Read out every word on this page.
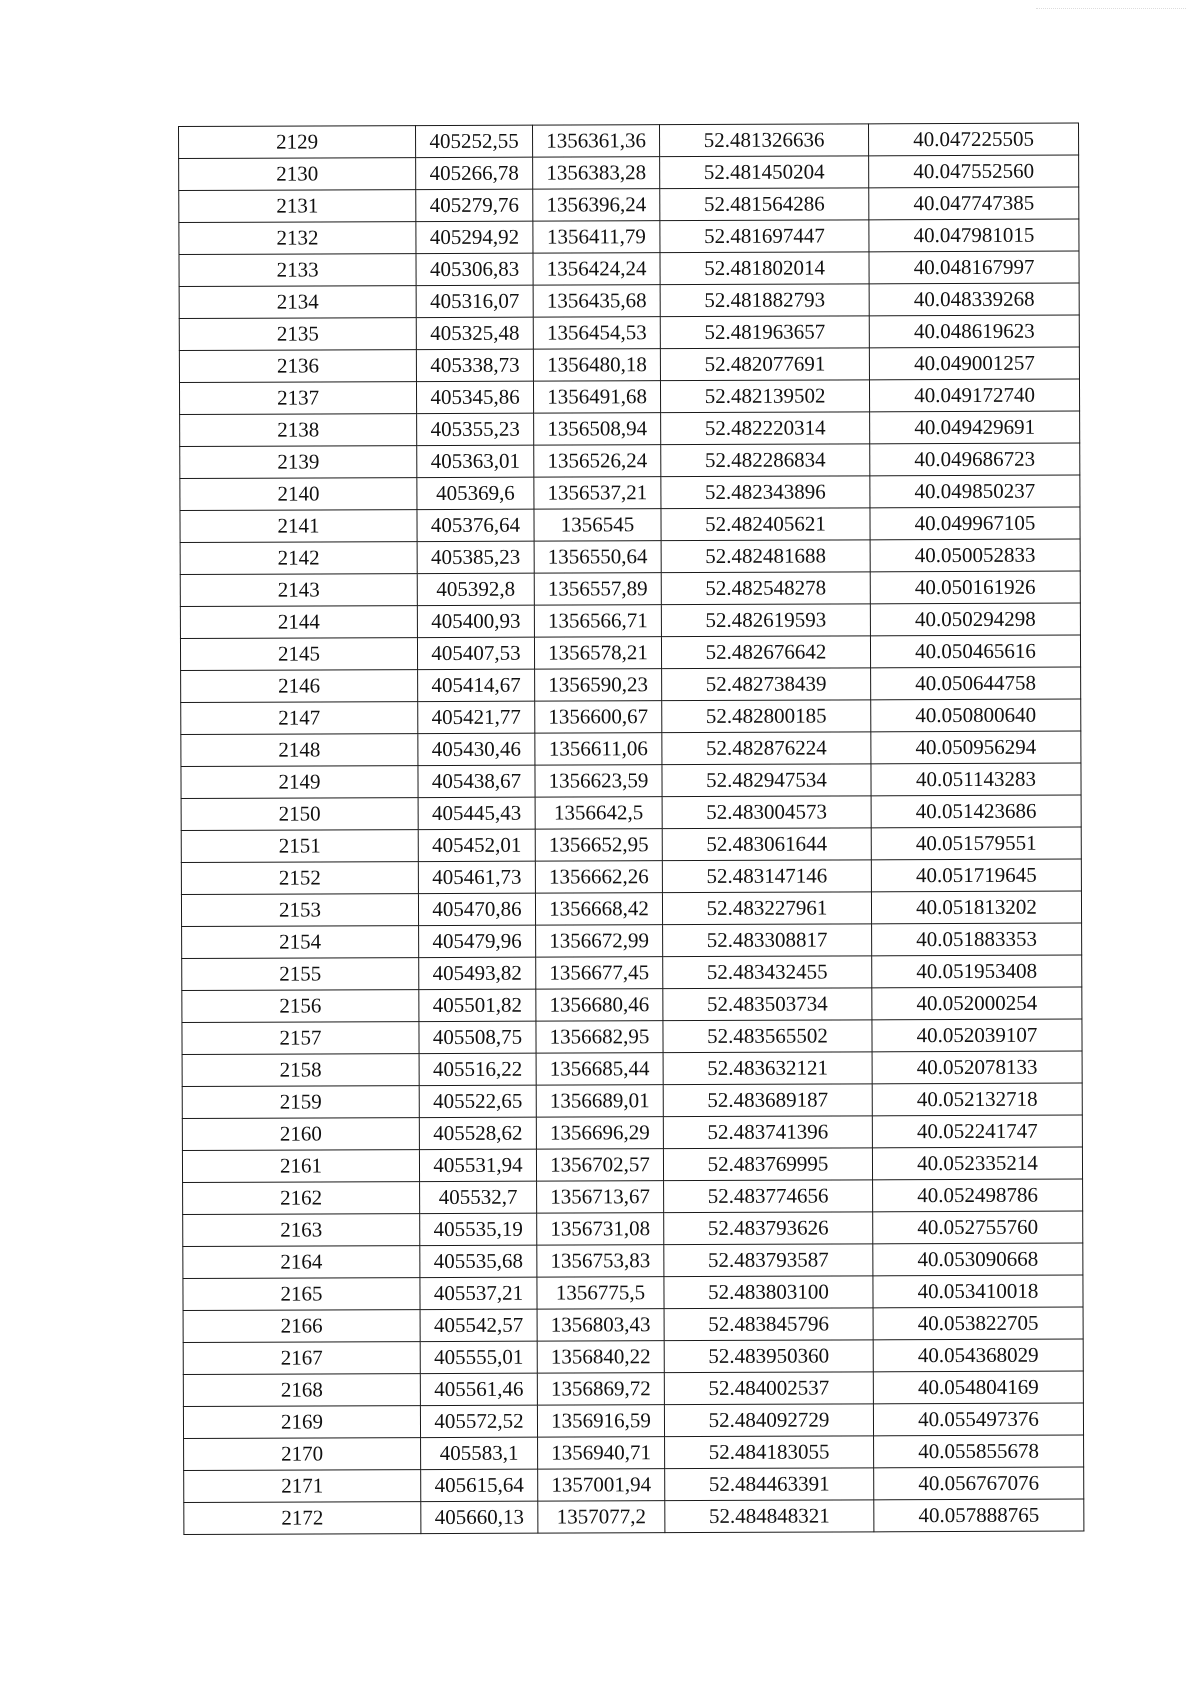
2129	405252,55	1356361,36	52.481326636	40.047225505
2130	405266,78	1356383,28	52.481450204	40.047552560
2131	405279,76	1356396,24	52.481564286	40.047747385
2132	405294,92	1356411,79	52.481697447	40.047981015
2133	405306,83	1356424,24	52.481802014	40.048167997
2134	405316,07	1356435,68	52.481882793	40.048339268
2135	405325,48	1356454,53	52.481963657	40.048619623
2136	405338,73	1356480,18	52.482077691	40.049001257
2137	405345,86	1356491,68	52.482139502	40.049172740
2138	405355,23	1356508,94	52.482220314	40.049429691
2139	405363,01	1356526,24	52.482286834	40.049686723
2140	405369,6	1356537,21	52.482343896	40.049850237
2141	405376,64	1356545	52.482405621	40.049967105
2142	405385,23	1356550,64	52.482481688	40.050052833
2143	405392,8	1356557,89	52.482548278	40.050161926
2144	405400,93	1356566,71	52.482619593	40.050294298
2145	405407,53	1356578,21	52.482676642	40.050465616
2146	405414,67	1356590,23	52.482738439	40.050644758
2147	405421,77	1356600,67	52.482800185	40.050800640
2148	405430,46	1356611,06	52.482876224	40.050956294
2149	405438,67	1356623,59	52.482947534	40.051143283
2150	405445,43	1356642,5	52.483004573	40.051423686
2151	405452,01	1356652,95	52.483061644	40.051579551
2152	405461,73	1356662,26	52.483147146	40.051719645
2153	405470,86	1356668,42	52.483227961	40.051813202
2154	405479,96	1356672,99	52.483308817	40.051883353
2155	405493,82	1356677,45	52.483432455	40.051953408
2156	405501,82	1356680,46	52.483503734	40.052000254
2157	405508,75	1356682,95	52.483565502	40.052039107
2158	405516,22	1356685,44	52.483632121	40.052078133
2159	405522,65	1356689,01	52.483689187	40.052132718
2160	405528,62	1356696,29	52.483741396	40.052241747
2161	405531,94	1356702,57	52.483769995	40.052335214
2162	405532,7	1356713,67	52.483774656	40.052498786
2163	405535,19	1356731,08	52.483793626	40.052755760
2164	405535,68	1356753,83	52.483793587	40.053090668
2165	405537,21	1356775,5	52.483803100	40.053410018
2166	405542,57	1356803,43	52.483845796	40.053822705
2167	405555,01	1356840,22	52.483950360	40.054368029
2168	405561,46	1356869,72	52.484002537	40.054804169
2169	405572,52	1356916,59	52.484092729	40.055497376
2170	405583,1	1356940,71	52.484183055	40.055855678
2171	405615,64	1357001,94	52.484463391	40.056767076
2172	405660,13	1357077,2	52.484848321	40.057888765
